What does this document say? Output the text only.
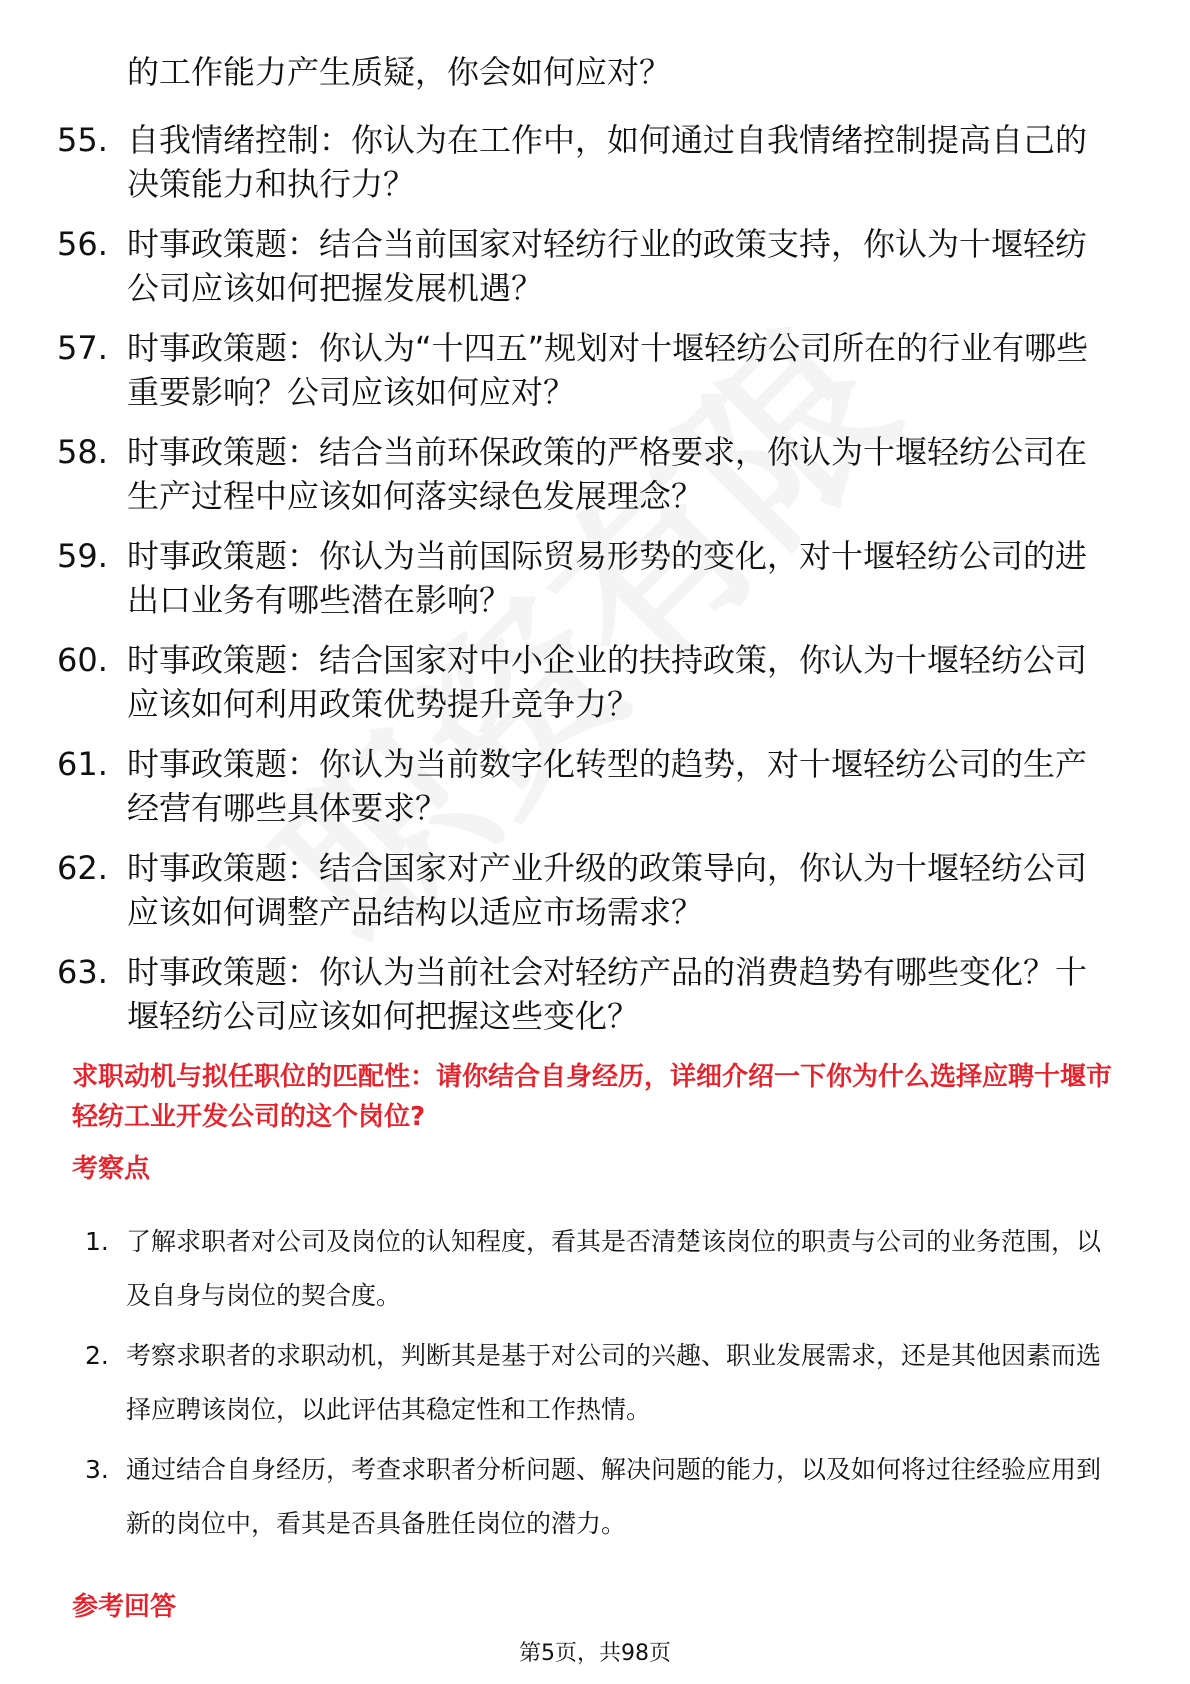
的工作能力产生质疑，你会如何应对？
55. 自我情绪控制：你认为在工作中，如何通过自我情绪控制提高自己的决策能力和执行力？
56. 时事政策题：结合当前国家对轻纺行业的政策支持，你认为十堰轻纺公司应该如何把握发展机遇？
57. 时事政策题：你认为“十四五”规划对十堰轻纺公司所在的行业有哪些重要影响？公司应该如何应对？
58. 时事政策题：结合当前环保政策的严格要求，你认为十堰轻纺公司在生产过程中应该如何落实绿色发展理念？
59. 时事政策题：你认为当前国际贸易形势的变化，对十堰轻纺公司的进出口业务有哪些潜在影响？
60. 时事政策题：结合国家对中小企业的扶持政策，你认为十堰轻纺公司应该如何利用政策优势提升竞争力？
61. 时事政策题：你认为当前数字化转型的趋势，对十堰轻纺公司的生产经营有哪些具体要求？
62. 时事政策题：结合国家对产业升级的政策导向，你认为十堰轻纺公司应该如何调整产品结构以适应市场需求？
63. 时事政策题：你认为当前社会对轻纺产品的消费趋势有哪些变化？十堰轻纺公司应该如何把握这些变化？
求职动机与拟任职位的匹配性：请你结合自身经历，详细介绍一下你为什么选择应聘十堰市轻纺工业开发公司的这个岗位?
考察点
1. 了解求职者对公司及岗位的认知程度，看其是否清楚该岗位的职责与公司的业务范围，以及自身与岗位的契合度。
2. 考察求职者的求职动机，判断其是基于对公司的兴趣、职业发展需求，还是其他因素而选择应聘该岗位，以此评估其稳定性和工作热情。
3. 通过结合自身经历，考查求职者分析问题、解决问题的能力，以及如何将过往经验应用到新的岗位中，看其是否具备胜任岗位的潜力。
参考回答
第5页，共98页
